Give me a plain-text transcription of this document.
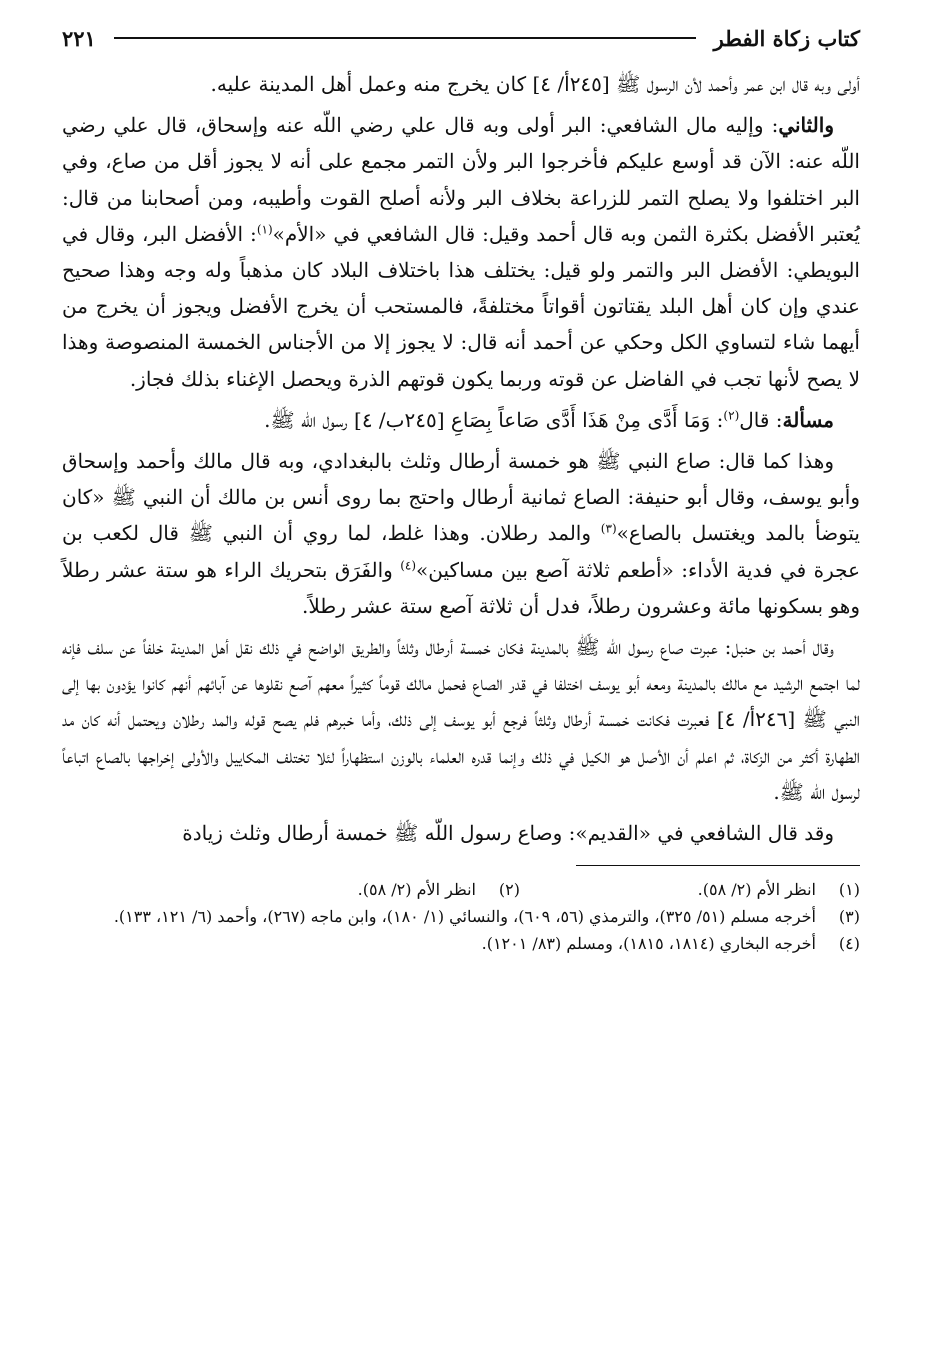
كتاب زكاة الفطر
٢٢١

أولى وبه قال ابن عمر وأحمد لأن الرسول ﷺ [٢٤٥أ/ ٤] كان يخرج منه وعمل أهل المدينة عليه.

والثاني: وإليه مال الشافعي: البر أولى وبه قال علي رضي اللّه عنه وإسحاق، قال علي رضي اللّه عنه: الآن قد أوسع عليكم فأخرجوا البر ولأن التمر مجمع على أنه لا يجوز أقل من صاع، وفي البر اختلفوا ولا يصلح التمر للزراعة بخلاف البر ولأنه أصلح القوت وأطيبه، ومن أصحابنا من قال: يُعتبر الأفضل بكثرة الثمن وبه قال أحمد وقيل: قال الشافعي في «الأم»$^{(١)}$: الأفضل البر، وقال في البويطي: الأفضل البر والتمر ولو قيل: يختلف هذا باختلاف البلاد كان مذهباً وله وجه وهذا صحيح عندي وإن كان أهل البلد يقتاتون أقواتاً مختلفةً، فالمستحب أن يخرج الأفضل ويجوز أن يخرج من أيهما شاء لتساوي الكل وحكي عن أحمد أنه قال: لا يجوز إلا من الأجناس الخمسة المنصوصة وهذا لا يصح لأنها تجب في الفاضل عن قوته وربما يكون قوتهم الذرة ويحصل الإغناء بذلك فجاز.

مسألة: قال$^{(٢)}$: وَمَا أَدَّى مِنْ هَذَا أَدَّى صَاعاً بِصَاعِ [٢٤٥ب/ ٤] رسول اللّه ﷺ.

وهذا كما قال: صاع النبي ﷺ هو خمسة أرطال وثلث بالبغدادي، وبه قال مالك وأحمد وإسحاق وأبو يوسف، وقال أبو حنيفة: الصاع ثمانية أرطال واحتج بما روى أنس بن مالك أن النبي ﷺ «كان يتوضأ بالمد ويغتسل بالصاع»$^{(٣)}$ والمد رطلان. وهذا غلط، لما روي أن النبي ﷺ قال لكعب بن عجرة في فدية الأداء: «أطعم ثلاثة آصع بين مساكين»$^{(٤)}$ والفَرَق بتحريك الراء هو ستة عشر رطلاً وهو بسكونها مائة وعشرون رطلاً، فدل أن ثلاثة آصع ستة عشر رطلاً.

وقال أحمد بن حنبل: عبرت صاع رسول اللّه ﷺ بالمدينة فكان خمسة أرطال وثلثاً والطريق الواضح في ذلك نقل أهل المدينة خلفاً عن سلف فإنه لما اجتمع الرشيد مع مالك بالمدينة ومعه أبو يوسف اختلفا في قدر الصاع فحمل مالك قوماً كثيراً معهم آصع نقلوها عن آبائهم أنهم كانوا يؤدون بها إلى النبي ﷺ [٢٤٦أ/ ٤] فعبرت فكانت خمسة أرطال وثلثاً فرجع أبو يوسف إلى ذلك، وأما خبرهم فلم يصح قوله والمد رطلان ويحتمل أنه كان مد الطهارة أكثر من الزكاة، ثم اعلم أن الأصل هو الكيل في ذلك وإنما قدره العلماء بالوزن استظهاراً لئلا تختلف المكاييل والأولى إخراجها بالصاع اتباعاً لرسول اللّه ﷺ.

وقد قال الشافعي في «القديم»: وصاع رسول اللّه ﷺ خمسة أرطال وثلث زيادة

(١)
انظر الأم (٢/ ٥٨).
(٢)
انظر الأم (٢/ ٥٨).
(٣)
أخرجه مسلم (٥١/ ٣٢٥)، والترمذي (٥٦، ٦٠٩)، والنسائي (١/ ١٨٠)، وابن ماجه (٢٦٧)، وأحمد (٦/ ١٢١، ١٣٣).
(٤)
أخرجه البخاري (١٨١٤، ١٨١٥)، ومسلم (٨٣/ ١٢٠١).
